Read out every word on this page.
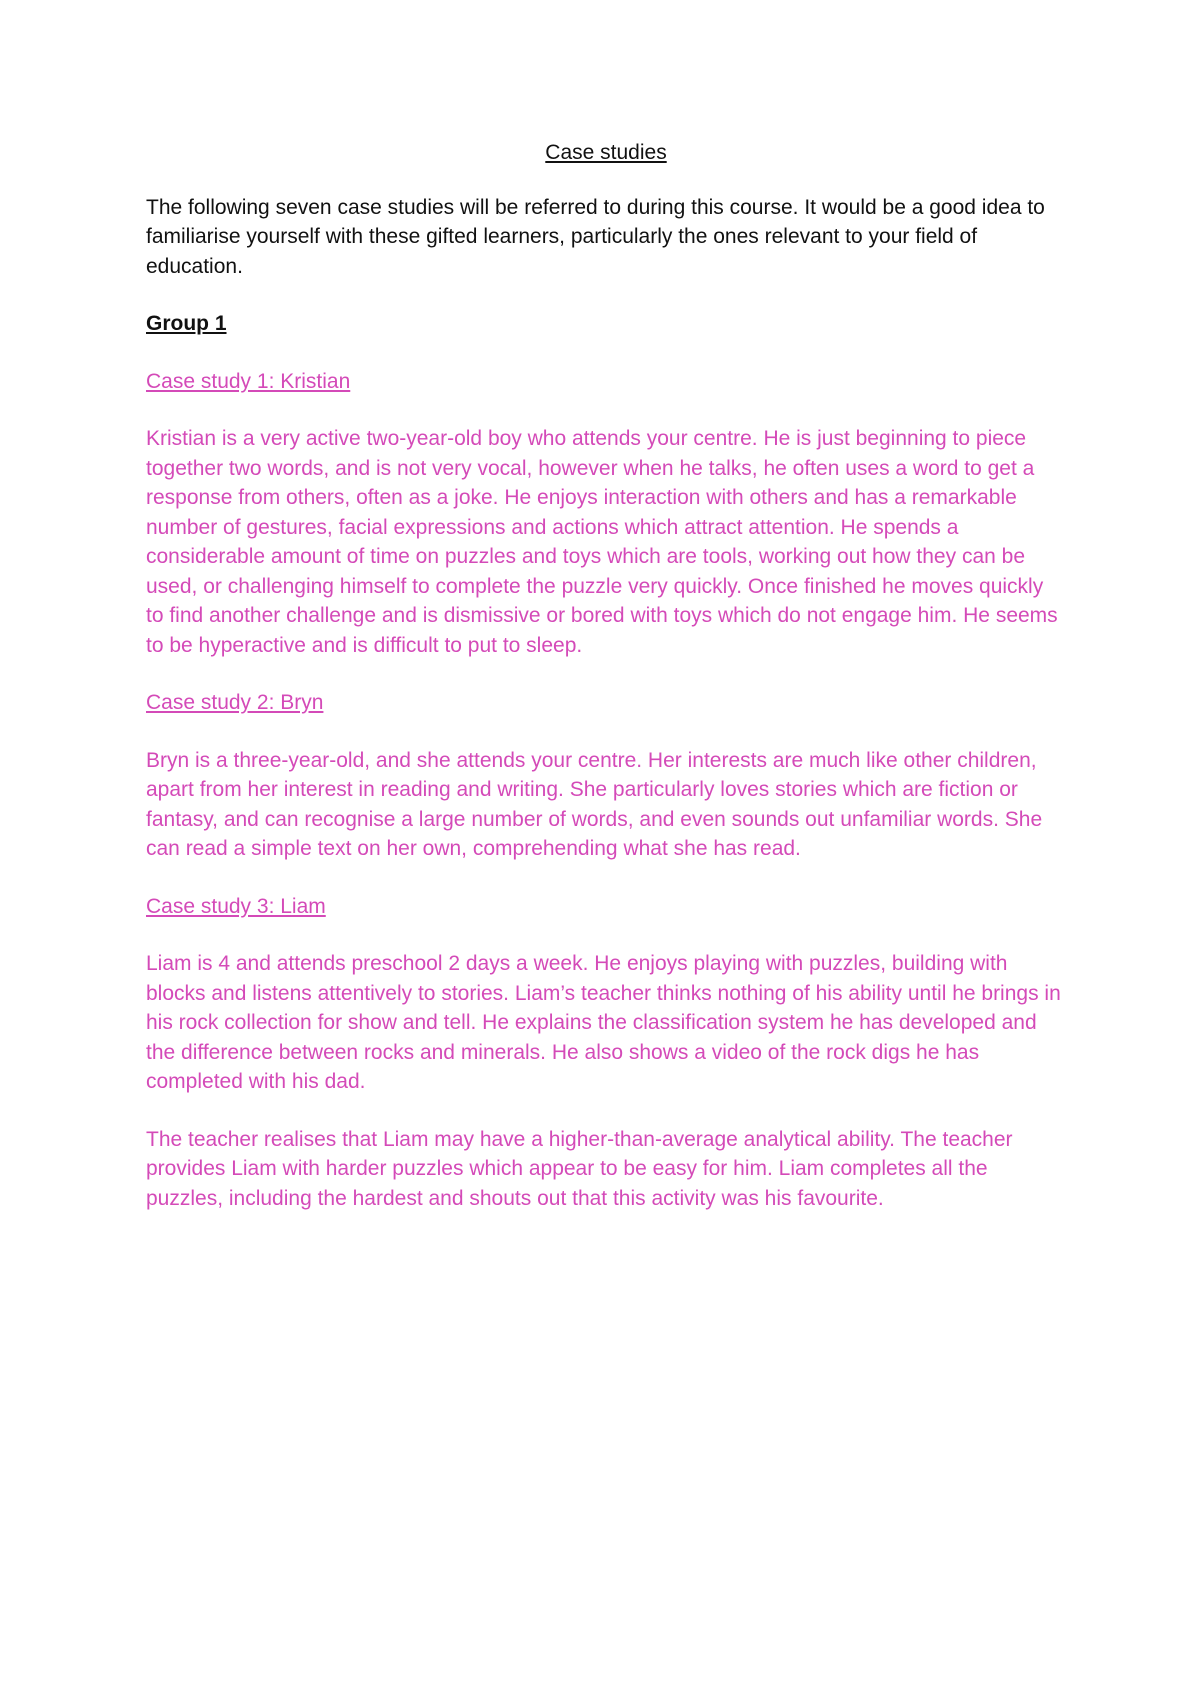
Case studies
The following seven case studies will be referred to during this course. It would be a good idea to familiarise yourself with these gifted learners, particularly the ones relevant to your field of education.
Group 1
Case study 1: Kristian
Kristian is a very active two-year-old boy who attends your centre. He is just beginning to piece together two words, and is not very vocal, however when he talks, he often uses a word to get a response from others, often as a joke. He enjoys interaction with others and has a remarkable number of gestures, facial expressions and actions which attract attention. He spends a considerable amount of time on puzzles and toys which are tools, working out how they can be used, or challenging himself to complete the puzzle very quickly. Once finished he moves quickly to find another challenge and is dismissive or bored with toys which do not engage him. He seems to be hyperactive and is difficult to put to sleep.
Case study 2: Bryn
Bryn is a three-year-old, and she attends your centre. Her interests are much like other children, apart from her interest in reading and writing. She particularly loves stories which are fiction or fantasy, and can recognise a large number of words, and even sounds out unfamiliar words. She can read a simple text on her own, comprehending what she has read.
Case study 3: Liam
Liam is 4 and attends preschool 2 days a week. He enjoys playing with puzzles, building with blocks and listens attentively to stories. Liam’s teacher thinks nothing of his ability until he brings in his rock collection for show and tell. He explains the classification system he has developed and the difference between rocks and minerals. He also shows a video of the rock digs he has completed with his dad.
The teacher realises that Liam may have a higher-than-average analytical ability. The teacher provides Liam with harder puzzles which appear to be easy for him. Liam completes all the puzzles, including the hardest and shouts out that this activity was his favourite.
